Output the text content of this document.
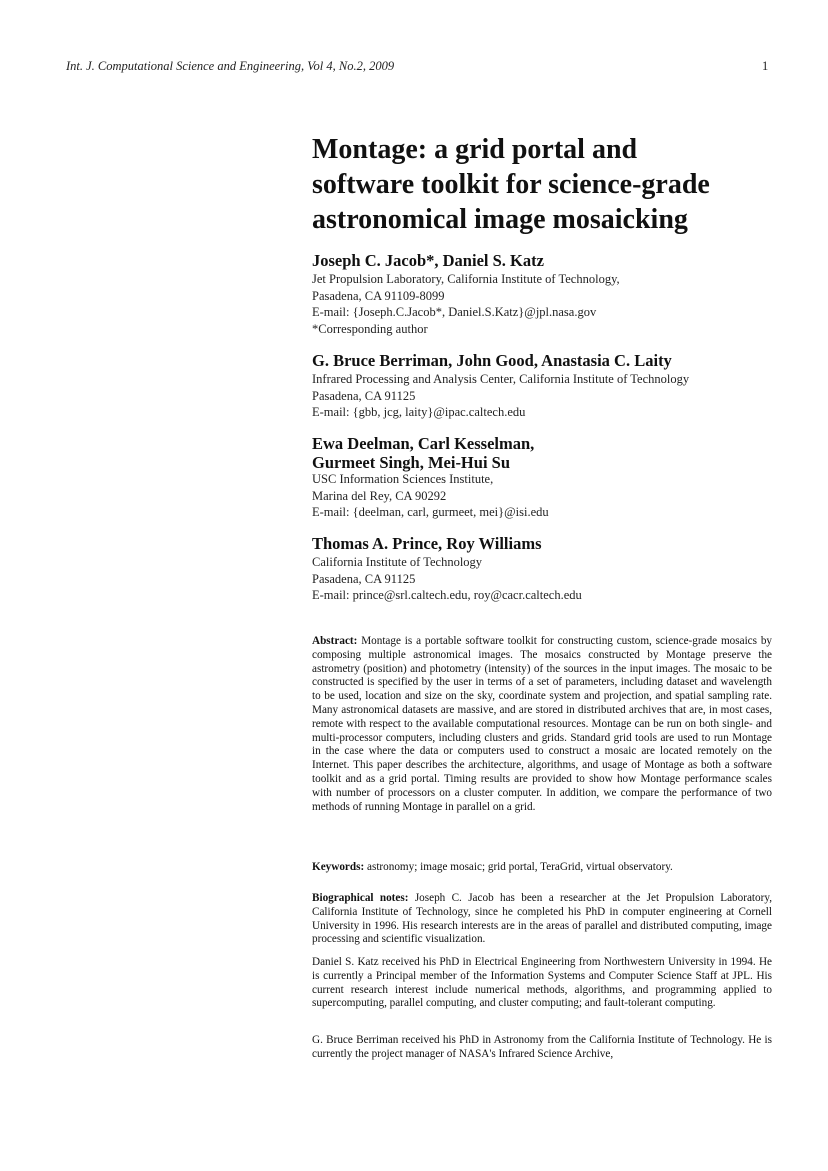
Int. J. Computational Science and Engineering, Vol 4, No.2, 2009	1
Montage: a grid portal and
software toolkit for science-grade
astronomical image mosaicking
Joseph C. Jacob*, Daniel S. Katz
Jet Propulsion Laboratory, California Institute of Technology,
Pasadena, CA 91109-8099
E-mail: {Joseph.C.Jacob*, Daniel.S.Katz}@jpl.nasa.gov
*Corresponding author
G. Bruce Berriman, John Good, Anastasia C. Laity
Infrared Processing and Analysis Center, California Institute of Technology
Pasadena, CA 91125
E-mail: {gbb, jcg, laity}@ipac.caltech.edu
Ewa Deelman, Carl Kesselman,
Gurmeet Singh, Mei-Hui Su
USC Information Sciences Institute,
Marina del Rey, CA 90292
E-mail: {deelman, carl, gurmeet, mei}@isi.edu
Thomas A. Prince, Roy Williams
California Institute of Technology
Pasadena, CA 91125
E-mail: prince@srl.caltech.edu, roy@cacr.caltech.edu

Abstract: Montage is a portable software toolkit for constructing custom, science-grade mosaics by composing multiple astronomical images. The mosaics constructed by Montage preserve the astrometry (position) and photometry (intensity) of the sources in the input images. The mosaic to be constructed is specified by the user in terms of a set of parameters, including dataset and wavelength to be used, location and size on the sky, coordinate system and projection, and spatial sampling rate. Many astronomical datasets are massive, and are stored in distributed archives that are, in most cases, remote with respect to the available computational resources. Montage can be run on both single- and multi-processor computers, including clusters and grids. Standard grid tools are used to run Montage in the case where the data or computers used to construct a mosaic are located remotely on the Internet. This paper describes the architecture, algorithms, and usage of Montage as both a software toolkit and as a grid portal. Timing results are provided to show how Montage performance scales with number of processors on a cluster computer. In addition, we compare the performance of two methods of running Montage in parallel on a grid.

Keywords: astronomy; image mosaic; grid portal, TeraGrid, virtual observatory.

Biographical notes: Joseph C. Jacob has been a researcher at the Jet Propulsion Laboratory, California Institute of Technology, since he completed his PhD in computer engineering at Cornell University in 1996. His research interests are in the areas of parallel and distributed computing, image processing and scientific visualization.

Daniel S. Katz received his PhD in Electrical Engineering from Northwestern University in 1994. He is currently a Principal member of the Information Systems and Computer Science Staff at JPL. His current research interest include numerical methods, algorithms, and programming applied to supercomputing, parallel computing, and cluster computing; and fault-tolerant computing.

G. Bruce Berriman received his PhD in Astronomy from the California Institute of Technology. He is currently the project manager of NASA's Infrared Science Archive,
